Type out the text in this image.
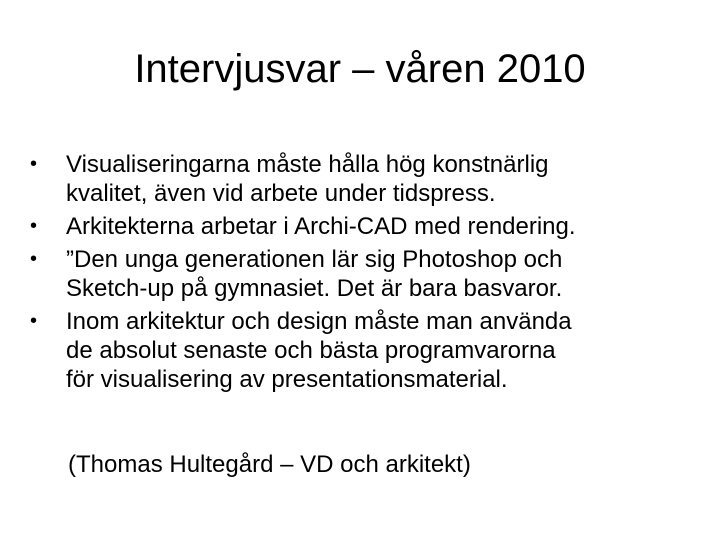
Intervjusvar – våren 2010
•	Visualiseringarna måste hålla hög konstnärlig
kvalitet, även vid arbete under tidspress.
•	Arkitekterna arbetar i Archi-CAD med rendering.
•	”Den unga generationen lär sig Photoshop och
Sketch-up på gymnasiet. Det är bara basvaror.
•	Inom arkitektur och design måste man använda
de absolut senaste och bästa programvarorna
för visualisering av presentationsmaterial.

(Thomas Hultegård – VD och arkitekt)
